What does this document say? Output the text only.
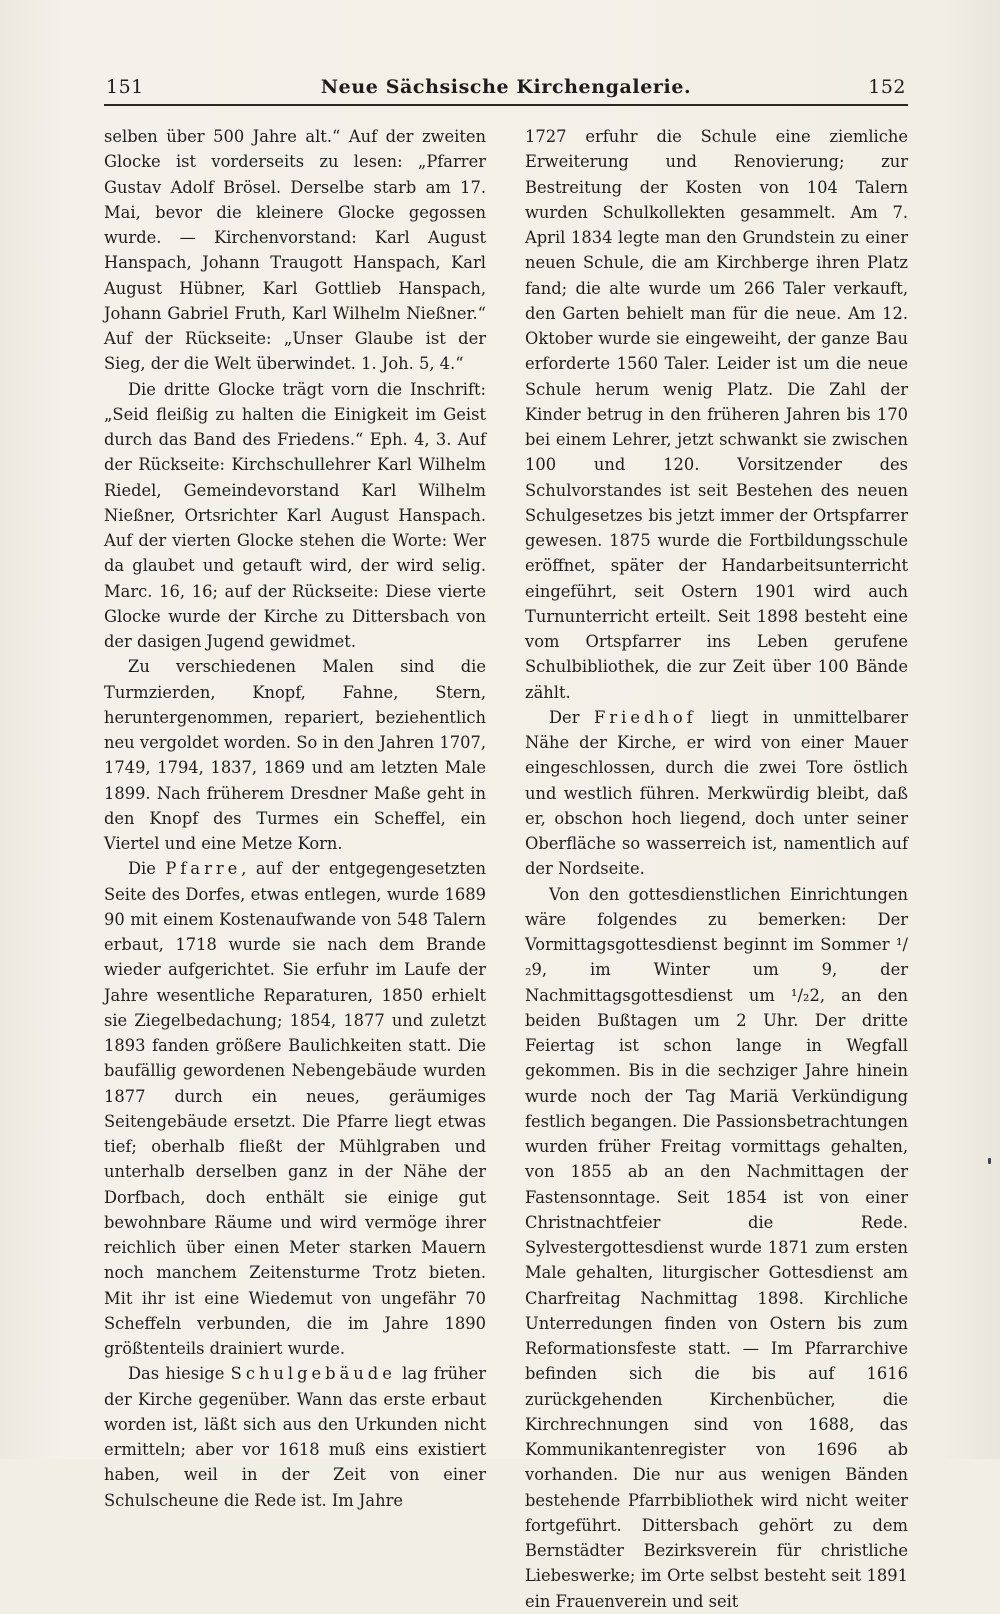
151	Neue Sächsische Kirchengalerie.	152

selben über 500 Jahre alt.“ Auf der zweiten Glocke ist vorderseits zu lesen: „Pfarrer Gustav Adolf Brösel. Derselbe starb am 17. Mai, bevor die kleinere Glocke gegossen wurde. — Kirchenvorstand: Karl August Hanspach, Johann Traugott Hanspach, Karl August Hübner, Karl Gottlieb Hanspach, Johann Gabriel Fruth, Karl Wilhelm Nießner.“ Auf der Rückseite: „Unser Glaube ist der Sieg, der die Welt überwindet. 1. Joh. 5, 4.“

Die dritte Glocke trägt vorn die Inschrift: „Seid fleißig zu halten die Einigkeit im Geist durch das Band des Friedens.“ Eph. 4, 3. Auf der Rückseite: Kirchschullehrer Karl Wilhelm Riedel, Gemeindevorstand Karl Wilhelm Nießner, Ortsrichter Karl August Hanspach. Auf der vierten Glocke stehen die Worte: Wer da glaubet und getauft wird, der wird selig. Marc. 16, 16; auf der Rückseite: Diese vierte Glocke wurde der Kirche zu Dittersbach von der dasigen Jugend gewidmet.

Zu verschiedenen Malen sind die Turmzierden, Knopf, Fahne, Stern, heruntergenommen, repariert, beziehentlich neu vergoldet worden. So in den Jahren 1707, 1749, 1794, 1837, 1869 und am letzten Male 1899. Nach früherem Dresdner Maße geht in den Knopf des Turmes ein Scheffel, ein Viertel und eine Metze Korn.

Die Pfarre, auf der entgegengesetzten Seite des Dorfes, etwas entlegen, wurde 1689 90 mit einem Kostenaufwande von 548 Talern erbaut, 1718 wurde sie nach dem Brande wieder aufgerichtet. Sie erfuhr im Laufe der Jahre wesentliche Reparaturen, 1850 erhielt sie Ziegelbedachung; 1854, 1877 und zuletzt 1893 fanden größere Baulichkeiten statt. Die baufällig gewordenen Nebengebäude wurden 1877 durch ein neues, geräumiges Seitengebäude ersetzt. Die Pfarre liegt etwas tief; oberhalb fließt der Mühlgraben und unterhalb derselben ganz in der Nähe der Dorfbach, doch enthält sie einige gut bewohnbare Räume und wird vermöge ihrer reichlich über einen Meter starken Mauern noch manchem Zeitensturme Trotz bieten. Mit ihr ist eine Wiedemut von ungefähr 70 Scheffeln verbunden, die im Jahre 1890 größtenteils drainiert wurde.

Das hiesige Schulgebäude lag früher der Kirche gegenüber. Wann das erste erbaut worden ist, läßt sich aus den Urkunden nicht ermitteln; aber vor 1618 muß eins existiert haben, weil in der Zeit von einer Schulscheune die Rede ist. Im Jahre

1727 erfuhr die Schule eine ziemliche Erweiterung und Renovierung; zur Bestreitung der Kosten von 104 Talern wurden Schulkollekten gesammelt. Am 7. April 1834 legte man den Grundstein zu einer neuen Schule, die am Kirchberge ihren Platz fand; die alte wurde um 266 Taler verkauft, den Garten behielt man für die neue. Am 12. Oktober wurde sie eingeweiht, der ganze Bau erforderte 1560 Taler. Leider ist um die neue Schule herum wenig Platz. Die Zahl der Kinder betrug in den früheren Jahren bis 170 bei einem Lehrer, jetzt schwankt sie zwischen 100 und 120. Vorsitzender des Schulvorstandes ist seit Bestehen des neuen Schulgesetzes bis jetzt immer der Ortspfarrer gewesen. 1875 wurde die Fortbildungsschule eröffnet, später der Handarbeitsunterricht eingeführt, seit Ostern 1901 wird auch Turnunterricht erteilt. Seit 1898 besteht eine vom Ortspfarrer ins Leben gerufene Schulbibliothek, die zur Zeit über 100 Bände zählt.

Der Friedhof liegt in unmittelbarer Nähe der Kirche, er wird von einer Mauer eingeschlossen, durch die zwei Tore östlich und westlich führen. Merkwürdig bleibt, daß er, obschon hoch liegend, doch unter seiner Oberfläche so wasserreich ist, namentlich auf der Nordseite.

Von den gottesdienstlichen Einrichtungen wäre folgendes zu bemerken: Der Vormittagsgottesdienst beginnt im Sommer ¹/₂9, im Winter um 9, der Nachmittagsgottesdienst um ¹/₂2, an den beiden Bußtagen um 2 Uhr. Der dritte Feiertag ist schon lange in Wegfall gekommen. Bis in die sechziger Jahre hinein wurde noch der Tag Mariä Verkündigung festlich begangen. Die Passionsbetrachtungen wurden früher Freitag vormittags gehalten, von 1855 ab an den Nachmittagen der Fastensonntage. Seit 1854 ist von einer Christnachtfeier die Rede. Sylvestergottesdienst wurde 1871 zum ersten Male gehalten, liturgischer Gottesdienst am Charfreitag Nachmittag 1898. Kirchliche Unterredungen finden von Ostern bis zum Reformationsfeste statt. — Im Pfarrarchive befinden sich die bis auf 1616 zurückgehenden Kirchenbücher, die Kirchrechnungen sind von 1688, das Kommunikantenregister von 1696 ab vorhanden. Die nur aus wenigen Bänden bestehende Pfarrbibliothek wird nicht weiter fortgeführt. Dittersbach gehört zu dem Bernstädter Bezirksverein für christliche Liebeswerke; im Orte selbst besteht seit 1891 ein Frauenverein und seit
